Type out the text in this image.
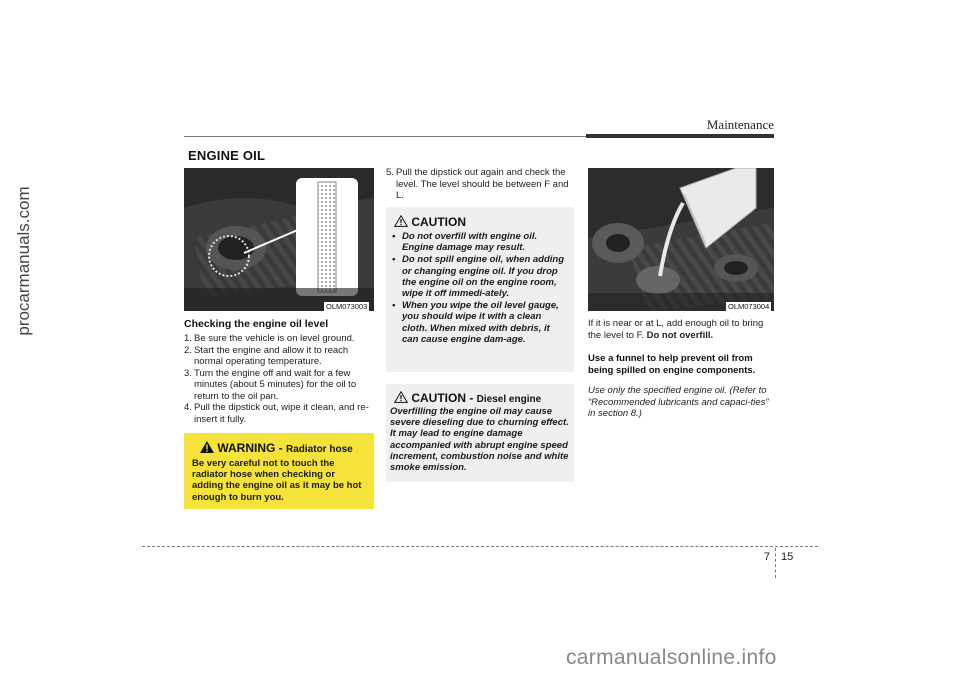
procarmanuals.com
Maintenance
ENGINE OIL
OLM073003
Checking the engine oil level
1. Be sure the vehicle is on level ground.
2. Start the engine and allow it to reach normal operating temperature.
3. Turn the engine off and wait for a few minutes (about 5 minutes) for the oil to return to the oil pan.
4. Pull the dipstick out, wipe it clean, and re-insert it fully.
WARNING - Radiator hose
Be very careful not to touch the radiator hose when checking or adding the engine oil as it may be hot enough to burn you.
5. Pull the dipstick out again and check the level. The level should be between F and L.
CAUTION
• Do not overfill with engine oil. Engine damage may result.
• Do not spill engine oil, when adding or changing engine oil. If you drop the engine oil on the engine room, wipe it off immedi-ately.
• When you wipe the oil level gauge, you should wipe it with a clean cloth. When mixed with debris, it can cause engine dam-age.
CAUTION - Diesel engine
Overfilling the engine oil may cause severe dieseling due to churning effect. It may lead to engine damage accompanied with abrupt engine speed increment, combustion noise and white smoke emission.
OLM073004
If it is near or at L, add enough oil to bring the level to F. Do not overfill.
Use a funnel to help prevent oil from being spilled on engine components.
Use only the specified engine oil. (Refer to “Recommended lubricants and capaci-ties” in section 8.)
7 15
carmanualsonline.info
